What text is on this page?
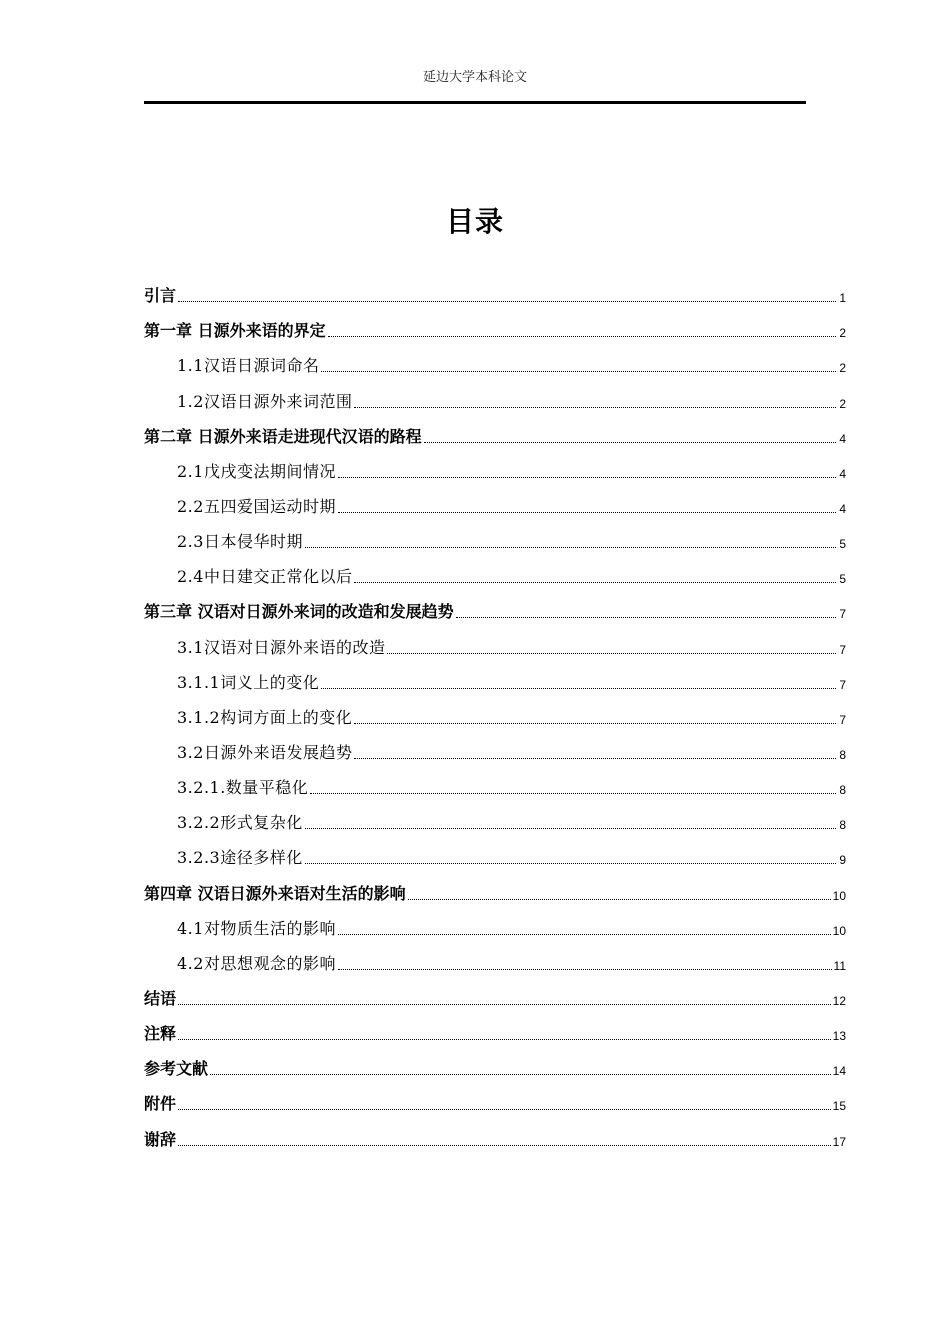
延边大学本科论文
目录
引言	1
第一章 日源外来语的界定	2
1.1汉语日源词命名	2
1.2汉语日源外来词范围	2
第二章 日源外来语走进现代汉语的路程	4
2.1戊戌变法期间情况	4
2.2五四爱国运动时期	4
2.3日本侵华时期	5
2.4中日建交正常化以后	5
第三章 汉语对日源外来词的改造和发展趋势	7
3.1汉语对日源外来语的改造	7
3.1.1词义上的变化	7
3.1.2构词方面上的变化	7
3.2日源外来语发展趋势	8
3.2.1.数量平稳化	8
3.2.2形式复杂化	8
3.2.3途径多样化	9
第四章 汉语日源外来语对生活的影响	10
4.1对物质生活的影响	10
4.2对思想观念的影响	11
结语	12
注释	13
参考文献	14
附件	15
谢辞	17
